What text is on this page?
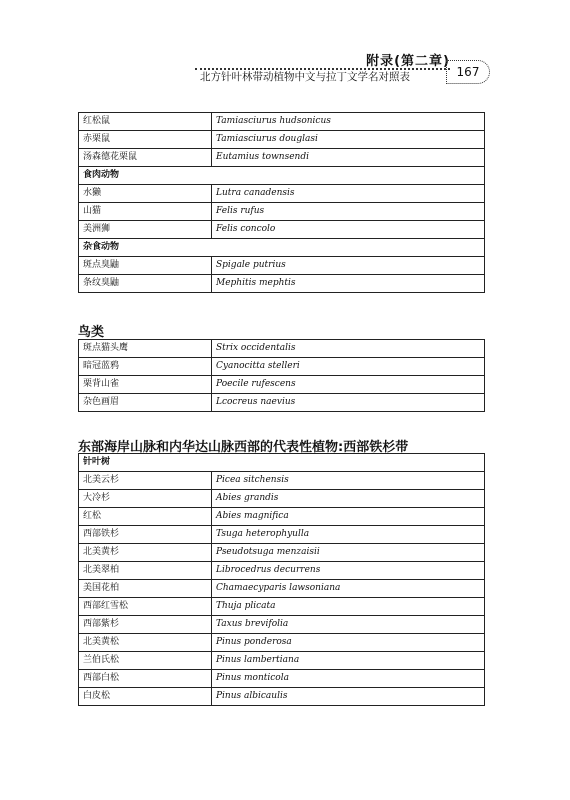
附录(第二章)
北方针叶林带动植物中文与拉丁文学名对照表	167
红松鼠	Tamiasciurus hudsonicus
赤栗鼠	Tamiasciurus douglasi
汤森德花栗鼠	Eutamius townsendi
食肉动物	
水獭	Lutra canadensis
山猫	Felis rufus
美洲狮	Felis concolo
杂食动物	
斑点臭鼬	Spigale putrius
条纹臭鼬	Mephitis mephtis
鸟类
斑点猫头鹰	Strix occidentalis
暗冠蓝鸦	Cyanocitta stelleri
栗背山雀	Poecile rufescens
杂色画眉	Lcocreus naevius
东部海岸山脉和内华达山脉西部的代表性植物:西部铁杉带
针叶树	
北美云杉	Picea sitchensis
大冷杉	Abies grandis
红松	Abies magnifica
西部铁杉	Tsuga heterophyulla
北美黄杉	Pseudotsuga menzaisii
北美翠柏	Librocedrus decurrens
美国花柏	Chamaecyparis lawsoniana
西部红雪松	Thuja plicata
西部紫杉	Taxus brevifolia
北美黄松	Pinus ponderosa
兰伯氏松	Pinus lambertiana
西部白松	Pinus monticola
白皮松	Pinus albicaulis
